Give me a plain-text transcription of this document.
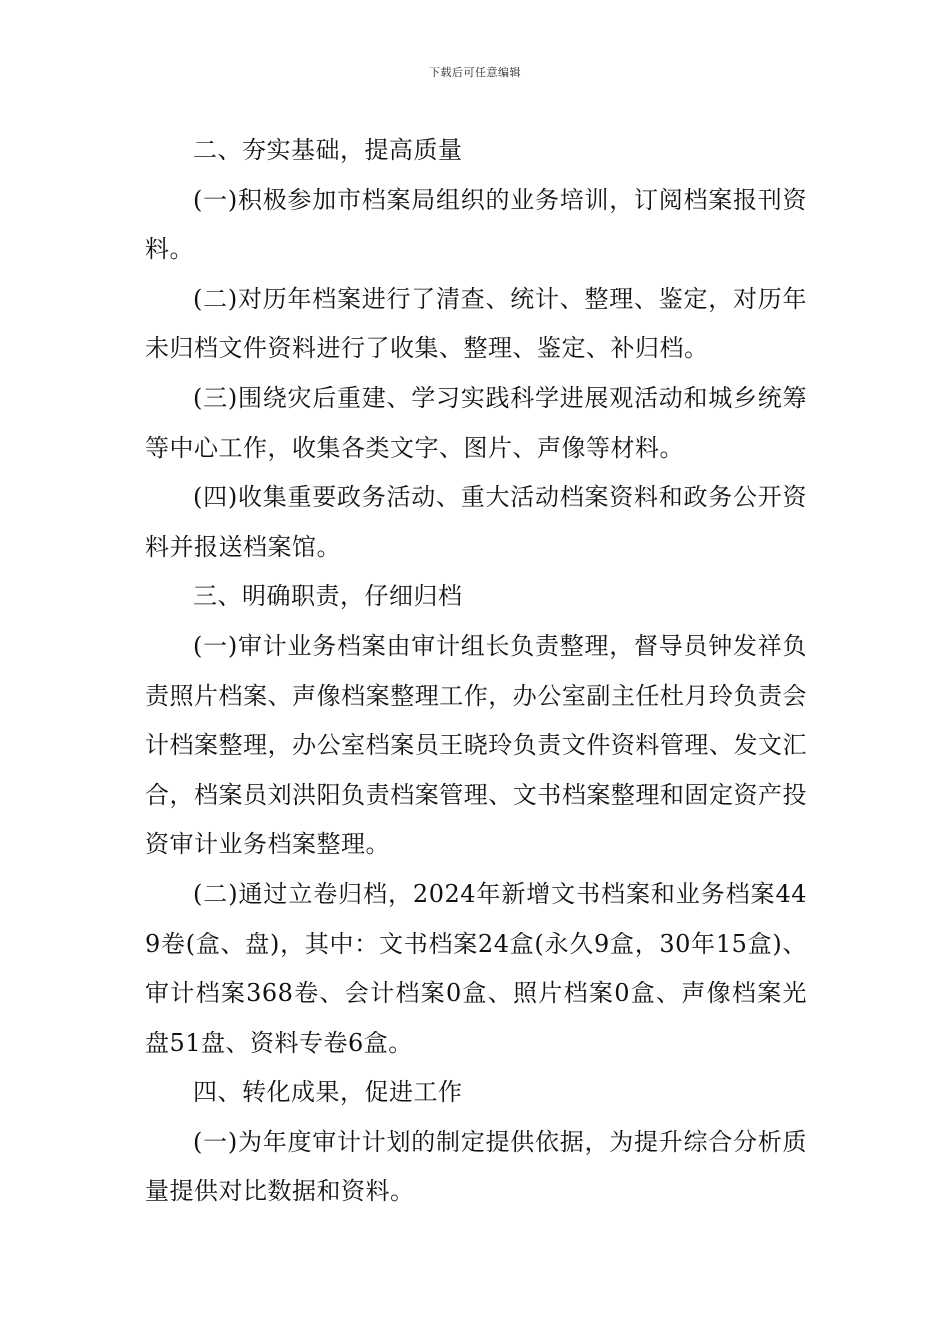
下载后可任意编辑

二、夯实基础，提高质量

(一)积极参加市档案局组织的业务培训，订阅档案报刊资料。

(二)对历年档案进行了清查、统计、整理、鉴定，对历年未归档文件资料进行了收集、整理、鉴定、补归档。

(三)围绕灾后重建、学习实践科学进展观活动和城乡统筹等中心工作，收集各类文字、图片、声像等材料。

(四)收集重要政务活动、重大活动档案资料和政务公开资料并报送档案馆。

三、明确职责，仔细归档

(一)审计业务档案由审计组长负责整理，督导员钟发祥负责照片档案、声像档案整理工作，办公室副主任杜月玲负责会计档案整理，办公室档案员王晓玲负责文件资料管理、发文汇合，档案员刘洪阳负责档案管理、文书档案整理和固定资产投资审计业务档案整理。

(二)通过立卷归档，2024年新增文书档案和业务档案449卷(盒、盘)，其中：文书档案24盒(永久9盒，30年15盒)、审计档案368卷、会计档案0盒、照片档案0盒、声像档案光盘51盘、资料专卷6盒。

四、转化成果，促进工作

(一)为年度审计计划的制定提供依据，为提升综合分析质量提供对比数据和资料。
